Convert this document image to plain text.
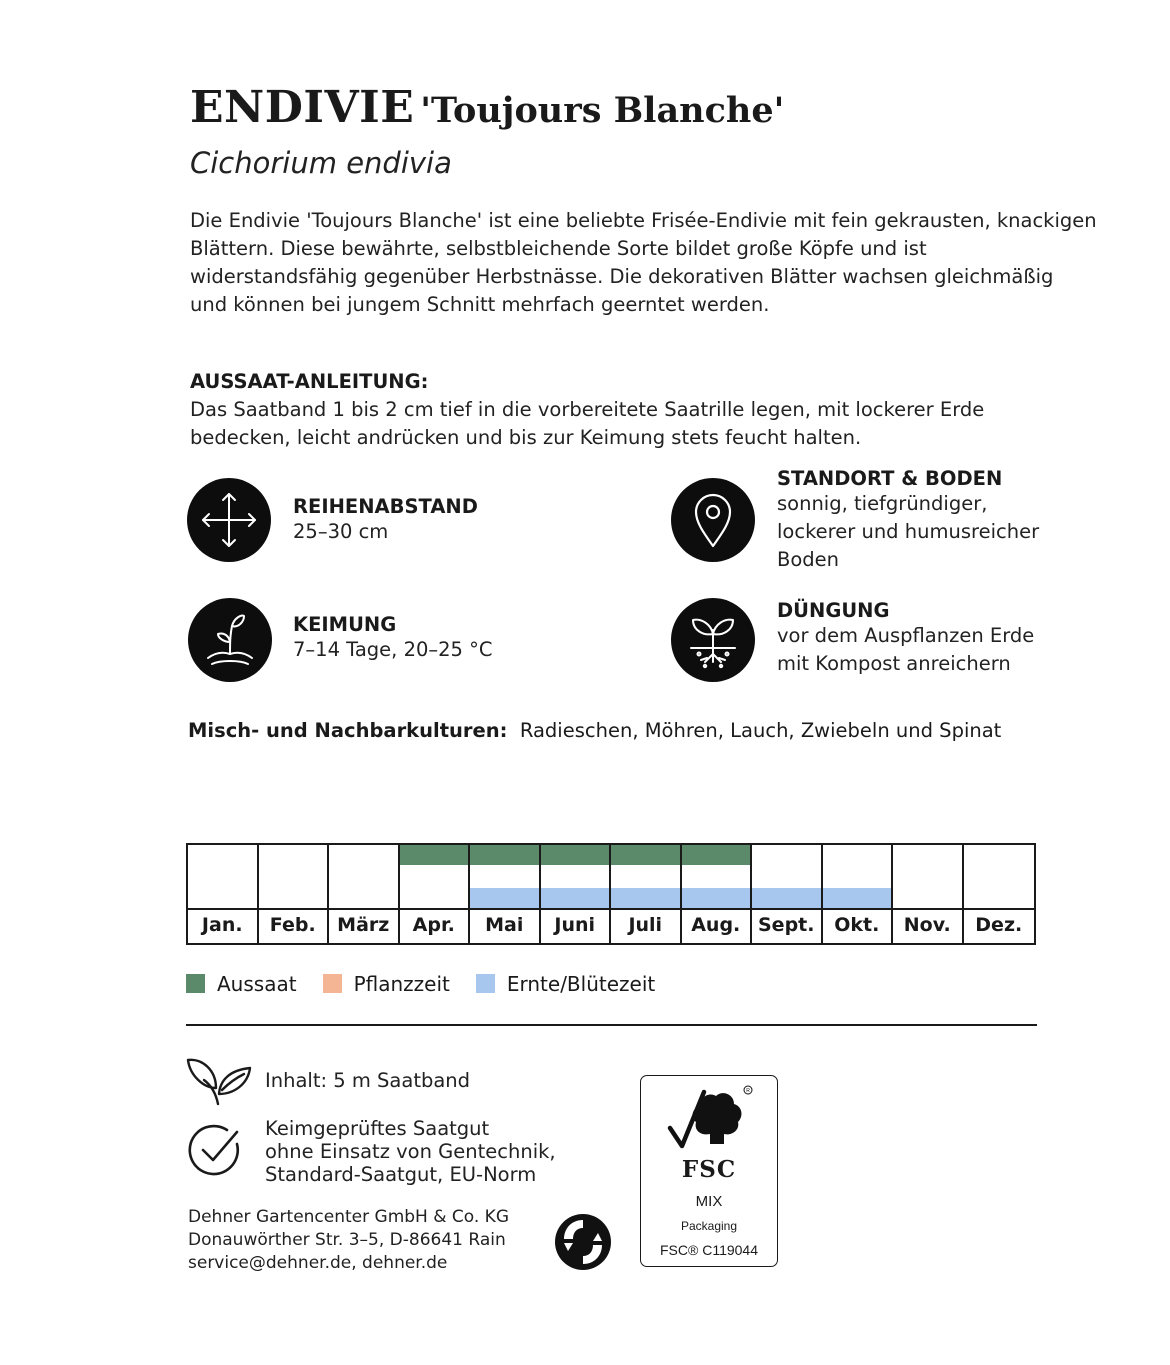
ENDIVIE 'Toujours Blanche'
Cichorium endivia
Die Endivie 'Toujours Blanche' ist eine beliebte Frisée-Endivie mit fein gekrausten, knackigen
Blättern. Diese bewährte, selbstbleichende Sorte bildet große Köpfe und ist
widerstandsfähig gegenüber Herbstnässe. Die dekorativen Blätter wachsen gleichmäßig
und können bei jungem Schnitt mehrfach geerntet werden.
AUSSAAT-ANLEITUNG:
Das Saatband 1 bis 2 cm tief in die vorbereitete Saatrille legen, mit lockerer Erde
bedecken, leicht andrücken und bis zur Keimung stets feucht halten.
REIHENABSTAND
25–30 cm
STANDORT & BODEN
sonnig, tiefgründiger,
lockerer und humusreicher
Boden
KEIMUNG
7–14 Tage, 20–25 °C
DÜNGUNG
vor dem Auspflanzen Erde
mit Kompost anreichern
Misch- und Nachbarkulturen: Radieschen, Möhren, Lauch, Zwiebeln und Spinat
Jan.	Feb.	März	Apr.	Mai	Juni	Juli	Aug. Sept.	Okt.	Nov.	Dez.
Aussaat	Pflanzzeit	Ernte/Blütezeit
Inhalt: 5 m Saatband
Keimgeprüftes Saatgut
ohne Einsatz von Gentechnik,
Standard-Saatgut, EU-Norm
Dehner Gartencenter GmbH & Co. KG
Donauwörther Str. 3–5, D-86641 Rain
service@dehner.de, dehner.de
R
FSC
MIX
Packaging
FSC® C119044
